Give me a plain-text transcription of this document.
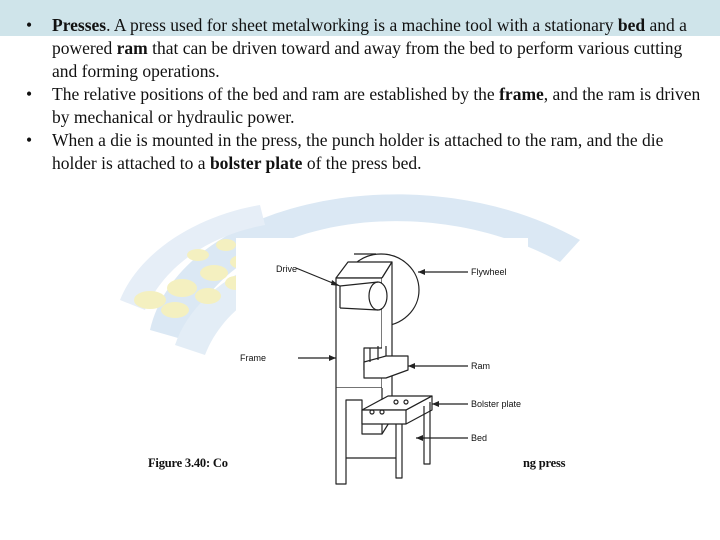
• Presses. A press used for sheet metalworking is a machine tool with a stationary bed and a powered ram that can be driven toward and away from the bed to perform various cutting and forming operations.
• The relative positions of the bed and ram are established by the frame, and the ram is driven by mechanical or hydraulic power.
• When a die is mounted in the press, the punch holder is attached to the ram, and the die holder is attached to a bolster plate of the press bed.
Drive
Frame
Flywheel
Ram
Bolster plate
Bed
Figure 3.40: Co	ng press
